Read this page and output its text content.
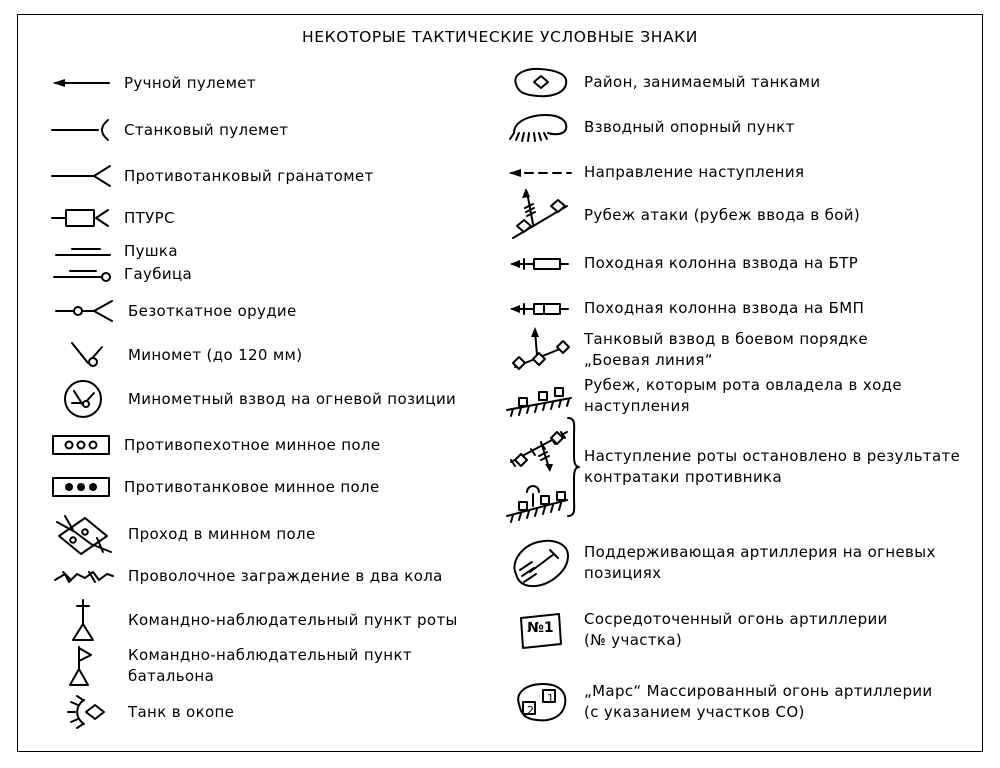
НЕКОТОРЫЕ ТАКТИЧЕСКИЕ УСЛОВНЫЕ ЗНАКИ
Ручной пулемет
Станковый пулемет
Противотанковый гранатомет
ПТУРС
Пушка
Гаубица
Безоткатное орудие
Миномет (до 120 мм)
Минометный взвод на огневой позиции
Противопехотное минное поле
Противотанковое минное поле
Проход в минном поле
Проволочное заграждение в два кола
Командно-наблюдательный пункт роты
Командно-наблюдательный пункт
батальона
Танк в окопе
Район, занимаемый танками
Взводный опорный пункт
Направление наступления
Рубеж атаки (рубеж ввода в бой)
Походная колонна взвода на БТР
Походная колонна взвода на БМП
Танковый взвод в боевом порядке
„Боевая линия“
Рубеж, которым рота овладела в ходе
наступления
Наступление роты остановлено в результате
контратаки противника
Поддерживающая артиллерия на огневых
позициях
№1 Сосредоточенный огонь артиллерии
(№ участка)
1
2
„Марс“ Массированный огонь артиллерии
(с указанием участков СО)
